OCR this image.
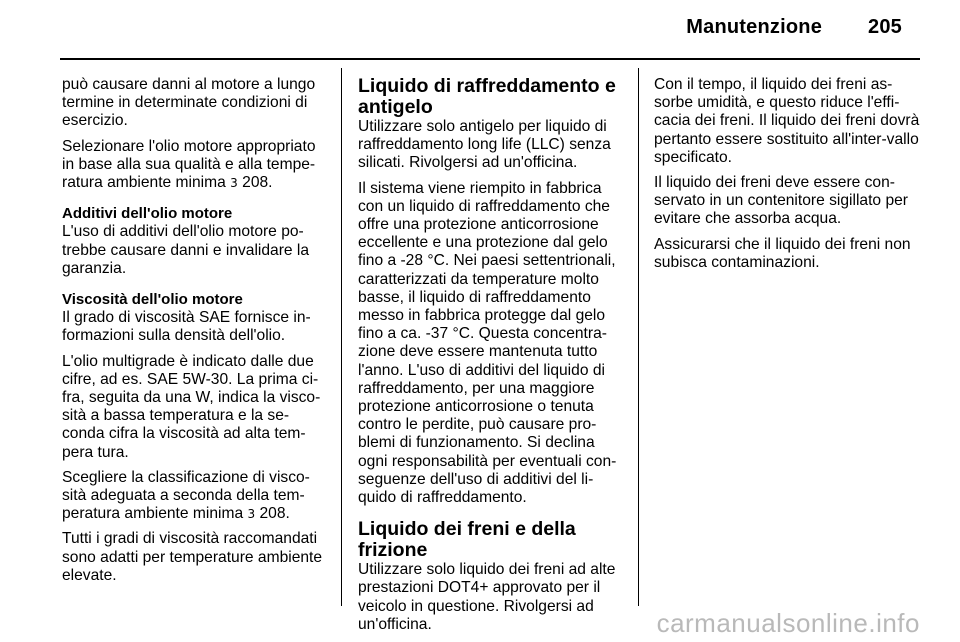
Manutenzione 205

può causare danni al motore a lungo termine in determinate condizioni di esercizio.

Selezionare l'olio motore appropriato in base alla sua qualità e alla tempe-ratura ambiente minima 3 208.

Additivi dell'olio motore

L'uso di additivi dell'olio motore po-trebbe causare danni e invalidare la garanzia.

Viscosità dell'olio motore

Il grado di viscosità SAE fornisce in-formazioni sulla densità dell'olio.

L'olio multigrade è indicato dalle due cifre, ad es. SAE 5W-30. La prima ci-fra, seguita da una W, indica la visco-sità a bassa temperatura e la se-conda cifra la viscosità ad alta tem-pera tura.

Scegliere la classificazione di visco-sità adeguata a seconda della tem-peratura ambiente minima 3 208.

Tutti i gradi di viscosità raccomandati sono adatti per temperature ambiente elevate.

Liquido di raffreddamento e antigelo

Utilizzare solo antigelo per liquido di raffreddamento long life (LLC) senza silicati. Rivolgersi ad un'officina.

Il sistema viene riempito in fabbrica con un liquido di raffreddamento che offre una protezione anticorrosione eccellente e una protezione dal gelo fino a -28 °C. Nei paesi settentrionali, caratterizzati da temperature molto basse, il liquido di raffreddamento messo in fabbrica protegge dal gelo fino a ca. -37 °C. Questa concentra-zione deve essere mantenuta tutto l'anno. L'uso di additivi del liquido di raffreddamento, per una maggiore protezione anticorrosione o tenuta contro le perdite, può causare pro-blemi di funzionamento. Si declina ogni responsabilità per eventuali con-seguenze dell'uso di additivi del li-quido di raffreddamento.

Liquido dei freni e della frizione

Utilizzare solo liquido dei freni ad alte prestazioni DOT4+ approvato per il veicolo in questione. Rivolgersi ad un'officina.

Con il tempo, il liquido dei freni as-sorbe umidità, e questo riduce l'effi-cacia dei freni. Il liquido dei freni dovrà pertanto essere sostituito all'inter-vallo specificato.

Il liquido dei freni deve essere con-servato in un contenitore sigillato per evitare che assorba acqua.

Assicurarsi che il liquido dei freni non subisca contaminazioni.

carmanualsonline.info
